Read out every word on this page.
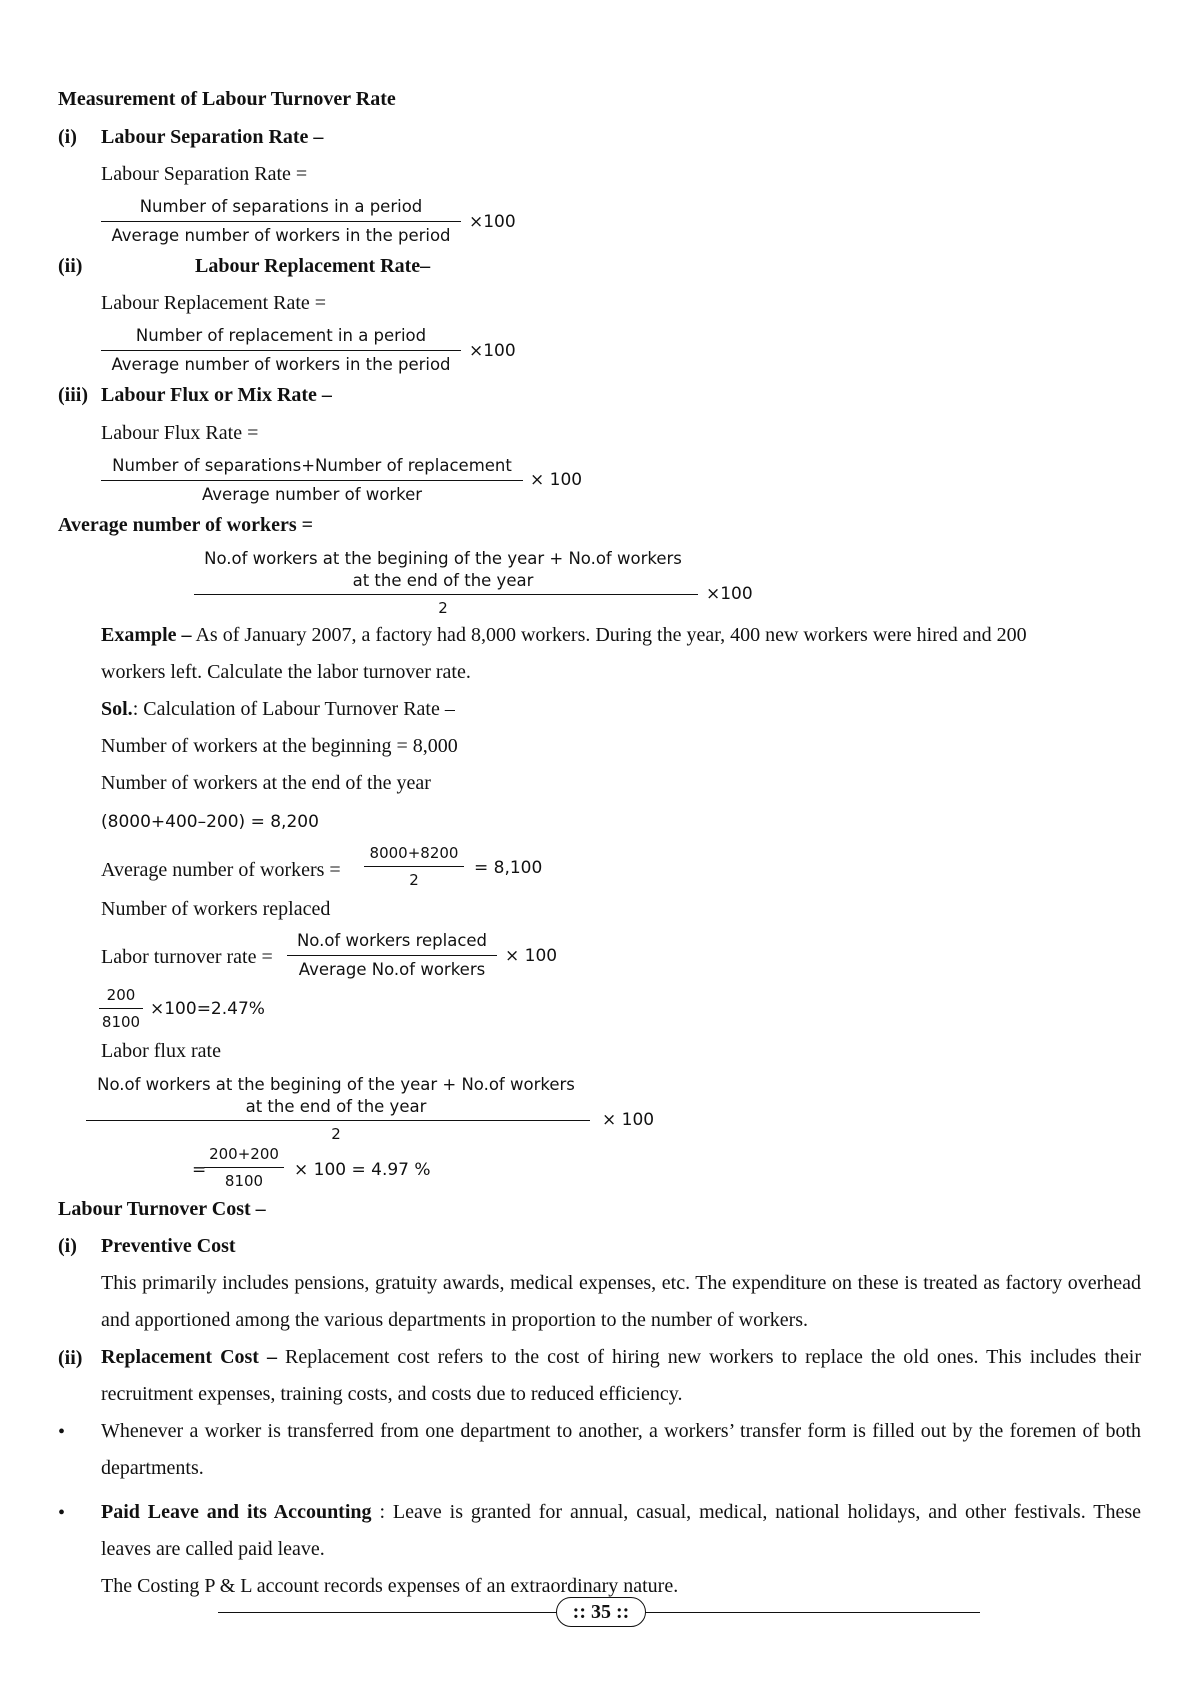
Measurement of Labour Turnover Rate
(i) Labour Separation Rate –
Labour Separation Rate =
Number of separations in a period
Average number of workers in the period
×100
(ii)	Labour Replacement Rate–
Labour Replacement Rate =
Number of replacement in a period
Average number of workers in the period
×100
(iii) Labour Flux or Mix Rate –
Labour Flux Rate =
Number of separations+Number of replacement
Average number of worker
× 100
Average number of workers =
No.of workers at the begining of the year + No.of workers
at the end of the year
2
×100
Example – As of January 2007, a factory had 8,000 workers. During the year, 400 new workers were hired and 200
workers left. Calculate the labor turnover rate.
Sol.: Calculation of Labour Turnover Rate –
Number of workers at the beginning = 8,000
Number of workers at the end of the year
(8000+400–200) = 8,200
Average number of workers =
8000+8200
2
= 8,100
Number of workers replaced
Labor turnover rate =
No.of workers replaced
Average No.of workers
× 100
200
8100
×100=2.47%
Labor flux rate
No.of workers at the begining of the year + No.of workers
at the end of the year
2
× 100
=
200+200
8100
× 100 = 4.97 %
Labour Turnover Cost –
(i) Preventive Cost
This primarily includes pensions, gratuity awards, medical expenses, etc. The expenditure on these is treated as factory overhead and apportioned among the various departments in proportion to the number of workers.
(ii) Replacement Cost – Replacement cost refers to the cost of hiring new workers to replace the old ones. This includes their recruitment expenses, training costs, and costs due to reduced efficiency.
• Whenever a worker is transferred from one department to another, a workers’ transfer form is filled out by the foremen of both departments.
• Paid Leave and its Accounting : Leave is granted for annual, casual, medical, national holidays, and other festivals. These leaves are called paid leave.
The Costing P & L account records expenses of an extraordinary nature.
:: 35 ::
